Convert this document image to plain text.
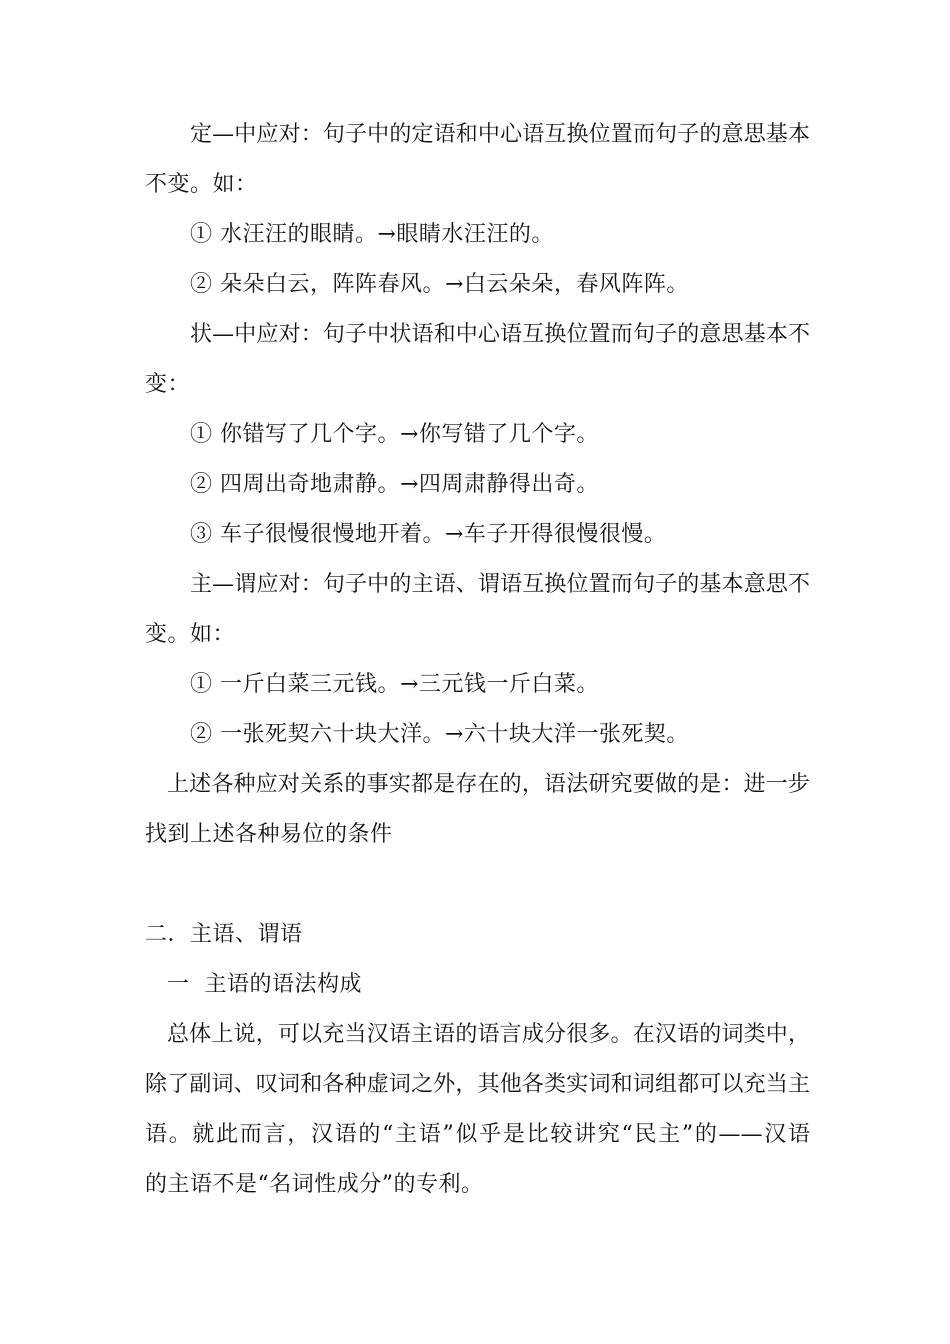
定—中应对：句子中的定语和中心语互换位置而句子的意思基本
不变。如：
① 水汪汪的眼睛。→眼睛水汪汪的。
② 朵朵白云，阵阵春风。→白云朵朵，春风阵阵。
状—中应对：句子中状语和中心语互换位置而句子的意思基本不
变：
① 你错写了几个字。→你写错了几个字。
② 四周出奇地肃静。→四周肃静得出奇。
③ 车子很慢很慢地开着。→车子开得很慢很慢。
主—谓应对：句子中的主语、谓语互换位置而句子的基本意思不
变。如：
① 一斤白菜三元钱。→三元钱一斤白菜。
② 一张死契六十块大洋。→六十块大洋一张死契。
上述各种应对关系的事实都是存在的，语法研究要做的是：进一步
找到上述各种易位的条件
二．主语、谓语
一  主语的语法构成
总体上说，可以充当汉语主语的语言成分很多。在汉语的词类中，
除了副词、叹词和各种虚词之外，其他各类实词和词组都可以充当主
语。就此而言，汉语的“主语”似乎是比较讲究“民主”的——汉语
的主语不是“名词性成分”的专利。
